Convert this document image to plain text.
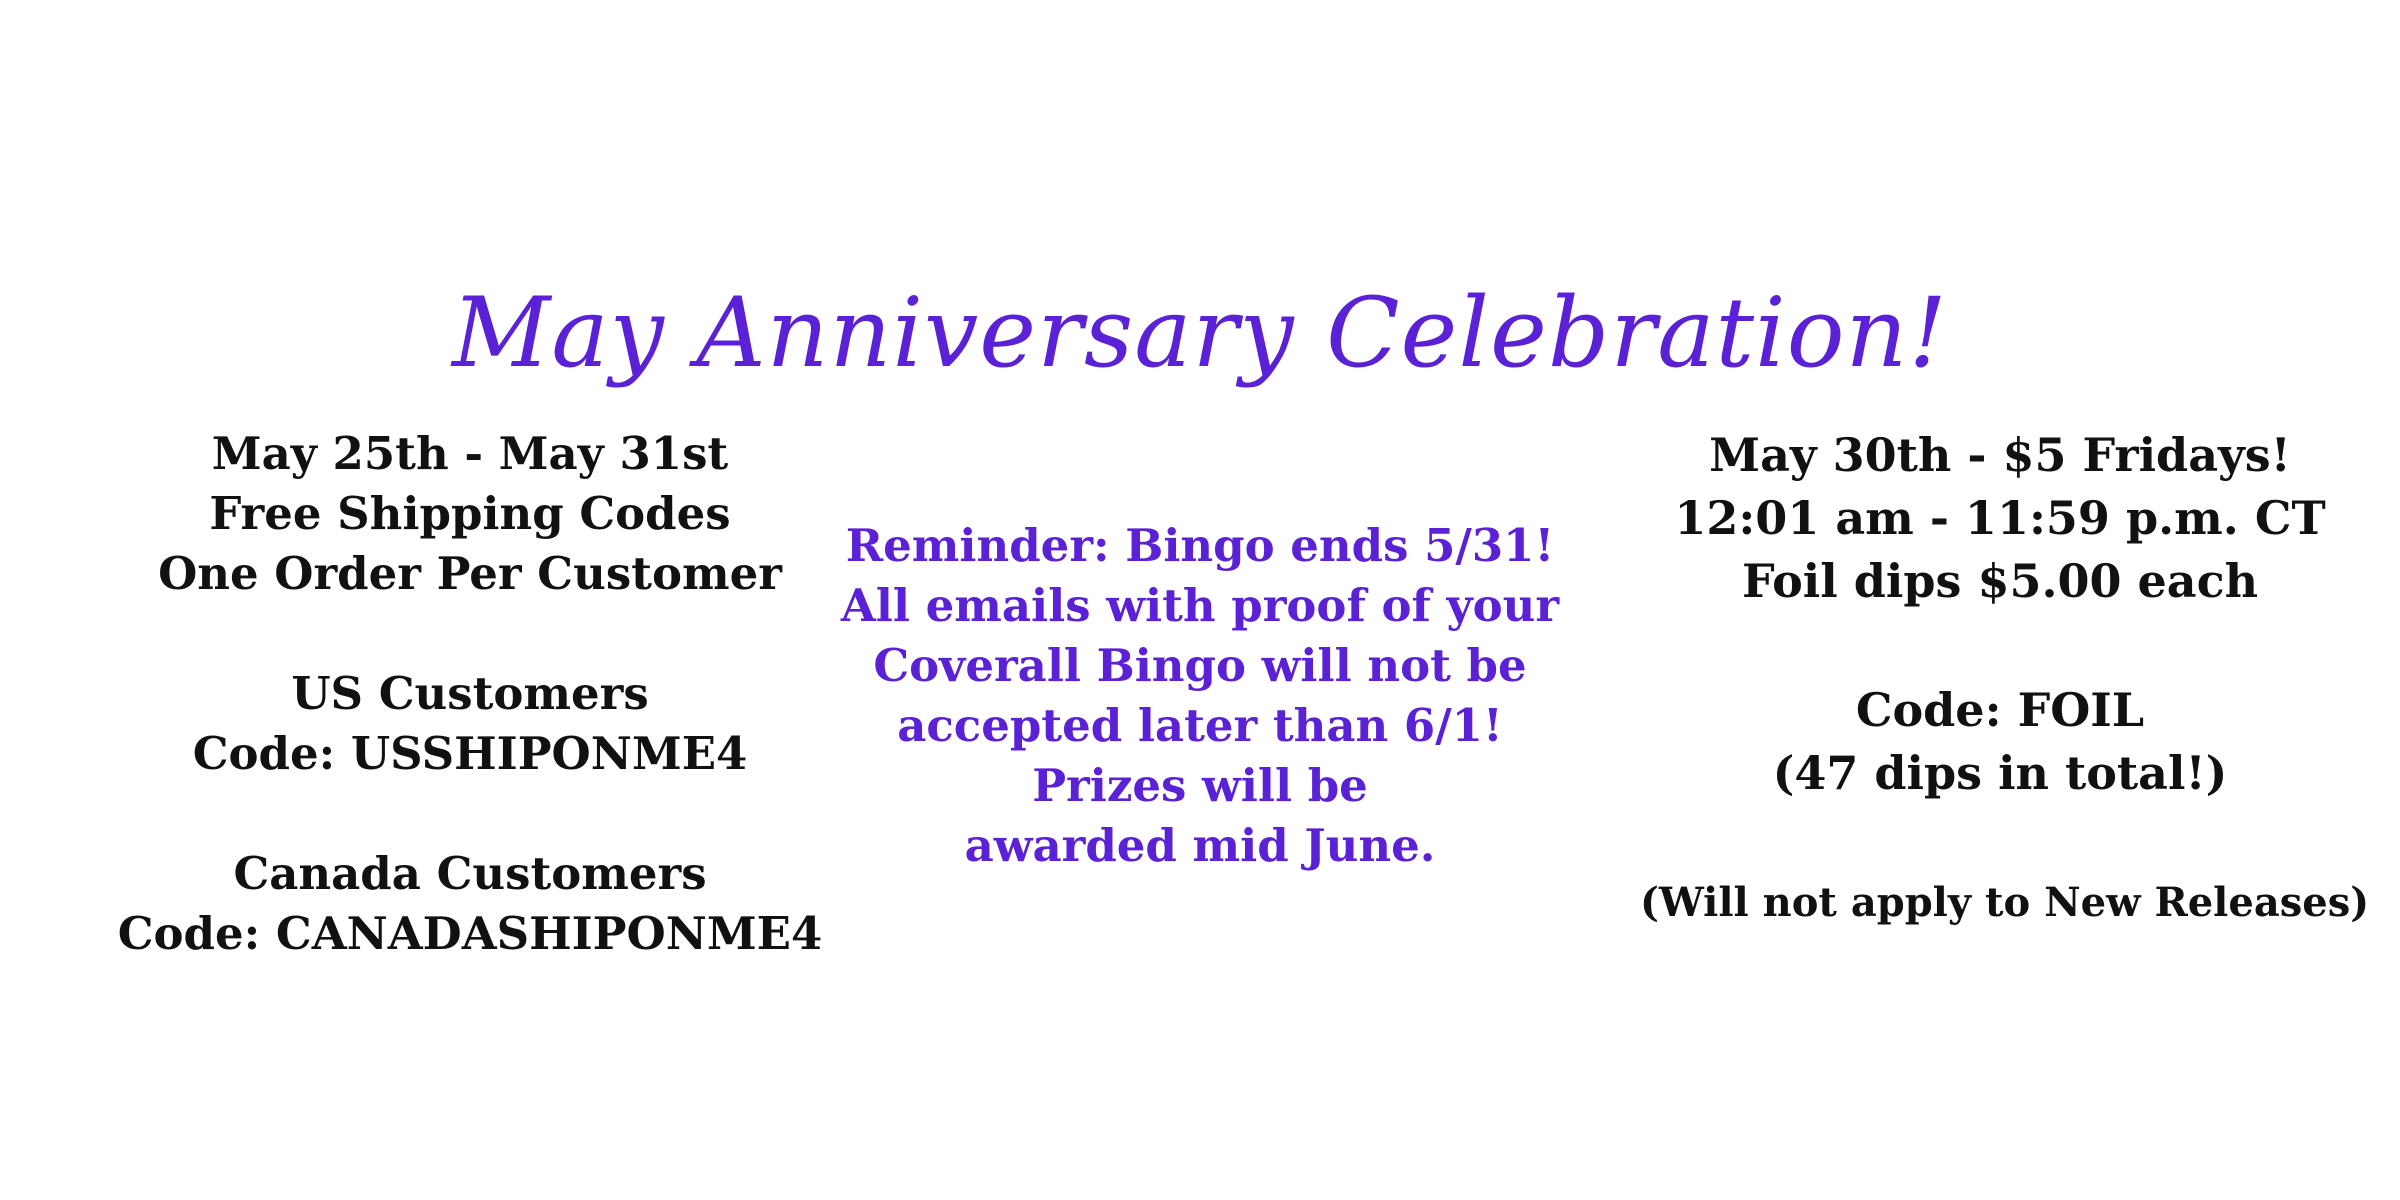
May Anniversary Celebration!
May 25th - May 31st
Free Shipping Codes
One Order Per Customer
US Customers
Code: USSHIPONME4
Canada Customers
Code: CANADASHIPONME4
Reminder: Bingo ends 5/31!
All emails with proof of your
Coverall Bingo will not be
accepted later than 6/1!
Prizes will be
awarded mid June.
May 30th - $5 Fridays!
12:01 am - 11:59 p.m. CT
Foil dips $5.00 each
Code: FOIL
(47 dips in total!)
(Will not apply to New Releases)
